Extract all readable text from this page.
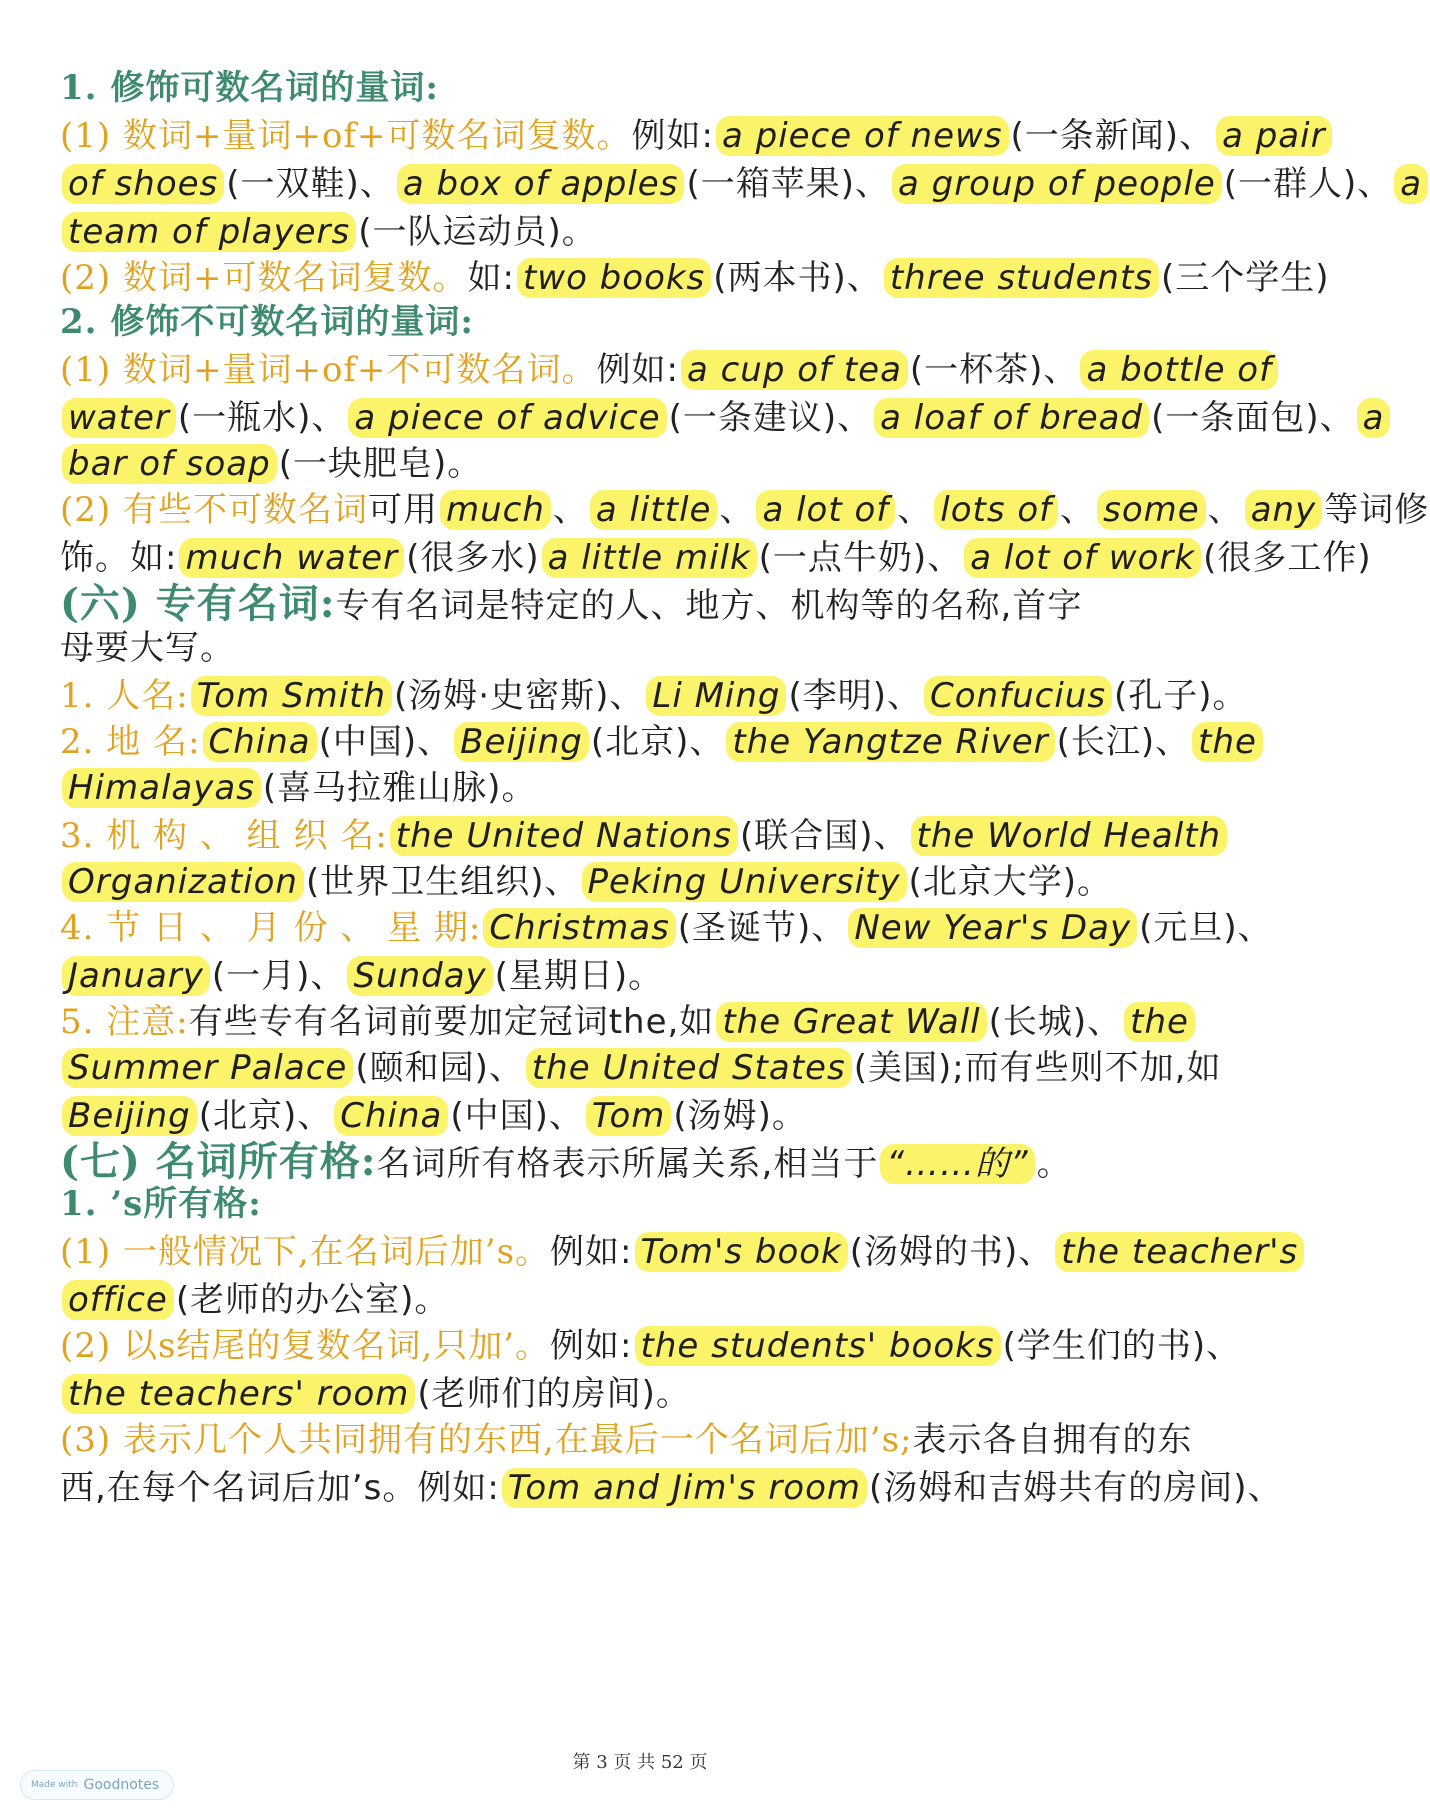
1. 修饰可数名词的量词:
(1) 数词+量词+of+可数名词复数。例如: a piece of news (一条新闻)、 a pair
of shoes (一双鞋)、 a box of apples (一箱苹果)、 a group of people (一群人)、 a
team of players (一队运动员)。
(2) 数词+可数名词复数。如: two books (两本书)、 three students (三个学生)
2. 修饰不可数名词的量词:
(1) 数词+量词+of+不可数名词。例如: a cup of tea (一杯茶)、 a bottle of
water (一瓶水)、 a piece of advice (一条建议)、 a loaf of bread (一条面包)、 a
bar of soap (一块肥皂)。
(2) 有些不可数名词可用 much 、 a little 、 a lot of 、 lots of 、 some 、 any 等词修
饰。如: much water (很多水) a little milk (一点牛奶)、 a lot of work (很多工作)
(六) 专有名词:专有名词是特定的人、地方、机构等的名称,首字
母要大写。
1. 人名: Tom Smith (汤姆·史密斯)、 Li Ming (李明)、 Confucius (孔子)。
2. 地 名: China (中国)、 Beijing (北京)、 the Yangtze River (长江)、 the
Himalayas (喜马拉雅山脉)。
3. 机 构 、 组 织 名: the United Nations (联合国)、 the World Health
Organization (世界卫生组织)、 Peking University (北京大学)。
4. 节 日 、 月 份 、 星 期: Christmas (圣诞节)、 New Year's Day (元旦)、
January (一月)、 Sunday (星期日)。
5. 注意:有些专有名词前要加定冠词the,如 the Great Wall (长城)、 the
Summer Palace (颐和园)、 the United States (美国);而有些则不加,如
Beijing (北京)、 China (中国)、 Tom (汤姆)。
(七) 名词所有格:名词所有格表示所属关系,相当于 “……的” 。
1. ’s所有格:
(1) 一般情况下,在名词后加’s。例如: Tom's book (汤姆的书)、 the teacher's
office (老师的办公室)。
(2) 以s结尾的复数名词,只加’。例如: the students' books (学生们的书)、
the teachers' room (老师们的房间)。
(3) 表示几个人共同拥有的东西,在最后一个名词后加’s;表示各自拥有的东
西,在每个名词后加’s。例如: Tom and Jim's room (汤姆和吉姆共有的房间)、
第 3 页 共 52 页
Made with Goodnotes
